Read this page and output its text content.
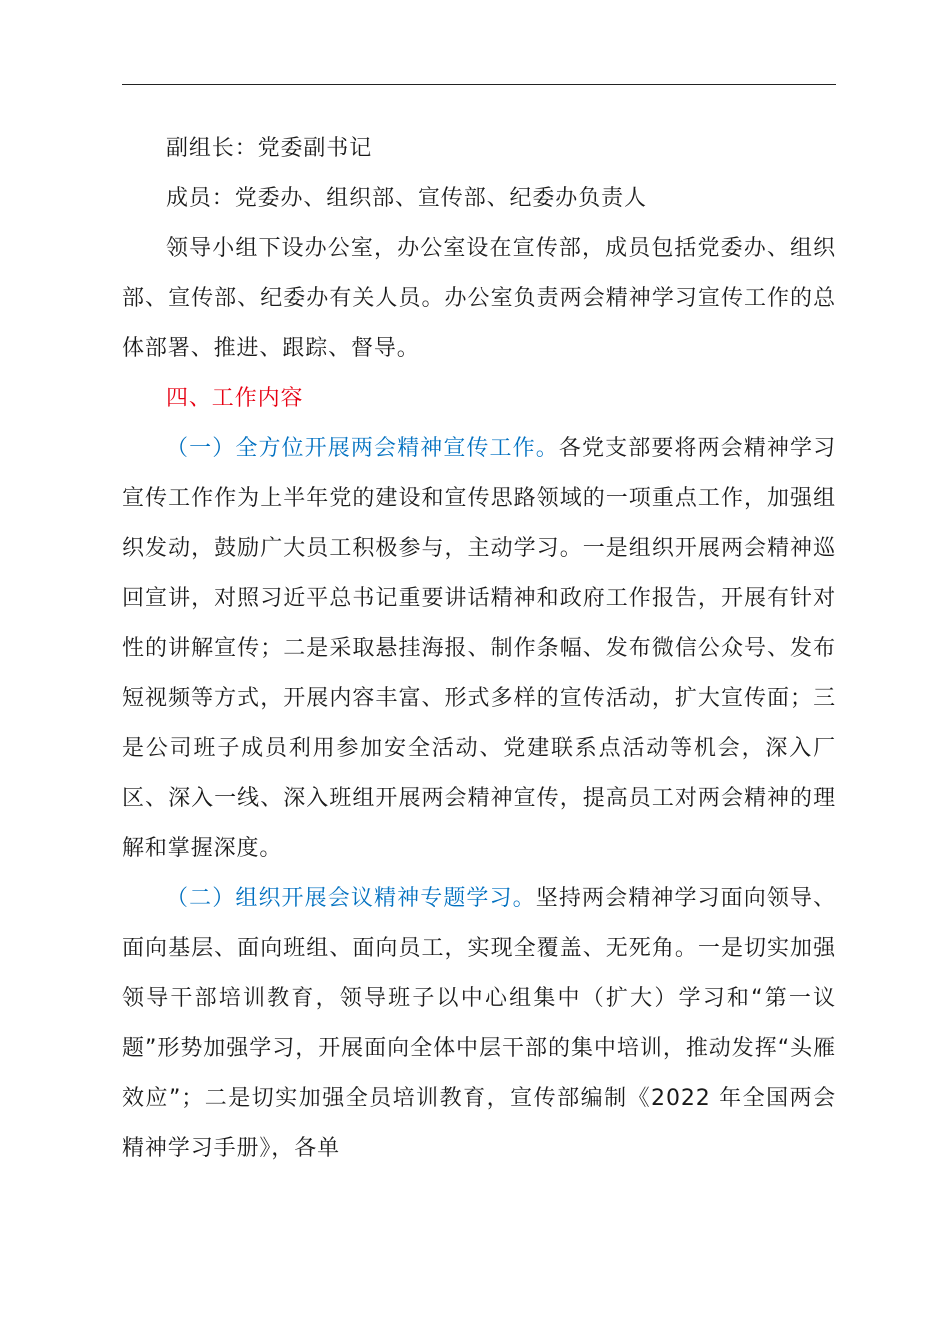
副组长：党委副书记

成员：党委办、组织部、宣传部、纪委办负责人

领导小组下设办公室，办公室设在宣传部，成员包括党委办、组织部、宣传部、纪委办有关人员。办公室负责两会精神学习宣传工作的总体部署、推进、跟踪、督导。

四、工作内容

（一）全方位开展两会精神宣传工作。各党支部要将两会精神学习宣传工作作为上半年党的建设和宣传思路领域的一项重点工作，加强组织发动，鼓励广大员工积极参与，主动学习。一是组织开展两会精神巡回宣讲，对照习近平总书记重要讲话精神和政府工作报告，开展有针对性的讲解宣传；二是采取悬挂海报、制作条幅、发布微信公众号、发布短视频等方式，开展内容丰富、形式多样的宣传活动，扩大宣传面；三是公司班子成员利用参加安全活动、党建联系点活动等机会，深入厂区、深入一线、深入班组开展两会精神宣传，提高员工对两会精神的理解和掌握深度。

（二）组织开展会议精神专题学习。坚持两会精神学习面向领导、面向基层、面向班组、面向员工，实现全覆盖、无死角。一是切实加强领导干部培训教育，领导班子以中心组集中（扩大）学习和“第一议题”形势加强学习，开展面向全体中层干部的集中培训，推动发挥“头雁效应”；二是切实加强全员培训教育，宣传部编制《2022 年全国两会精神学习手册》，各单
